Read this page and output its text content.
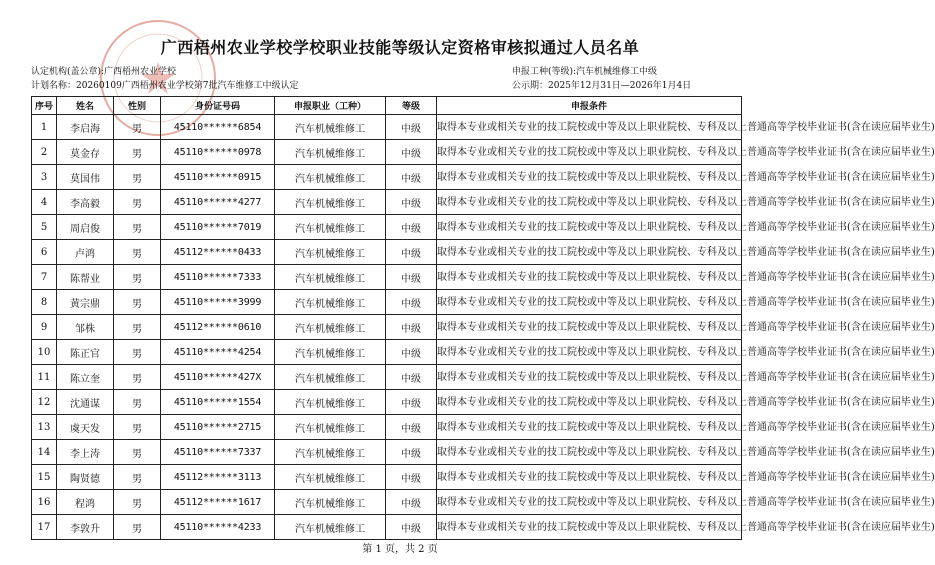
广西梧州农业学校学校职业技能等级认定资格审核拟通过人员名单
认定机构(盖公章):广西梧州农业学校	申报工种(等级):汽车机械维修工中级
计划名称：20260109广西梧州农业学校第7批汽车维修工中级认定	公示期：2025年12月31日—2026年1月4日
序号	姓名	性别	身份证号码	申报职业（工种）	等级	申报条件
1	李启海	男	45110******6854	汽车机械维修工	中级	取得本专业或相关专业的技工院校或中等及以上职业院校、专科及以上普通高等学校毕业证书(含在读应届毕业生)
2	莫金存	男	45110******0978	汽车机械维修工	中级	取得本专业或相关专业的技工院校或中等及以上职业院校、专科及以上普通高等学校毕业证书(含在读应届毕业生)
3	莫国伟	男	45110******0915	汽车机械维修工	中级	取得本专业或相关专业的技工院校或中等及以上职业院校、专科及以上普通高等学校毕业证书(含在读应届毕业生)
4	李高毅	男	45110******4277	汽车机械维修工	中级	取得本专业或相关专业的技工院校或中等及以上职业院校、专科及以上普通高等学校毕业证书(含在读应届毕业生)
5	周启俊	男	45110******7019	汽车机械维修工	中级	取得本专业或相关专业的技工院校或中等及以上职业院校、专科及以上普通高等学校毕业证书(含在读应届毕业生)
6	卢鸿	男	45112******0433	汽车机械维修工	中级	取得本专业或相关专业的技工院校或中等及以上职业院校、专科及以上普通高等学校毕业证书(含在读应届毕业生)
7	陈帮业	男	45110******7333	汽车机械维修工	中级	取得本专业或相关专业的技工院校或中等及以上职业院校、专科及以上普通高等学校毕业证书(含在读应届毕业生)
8	黄宗鼎	男	45110******3999	汽车机械维修工	中级	取得本专业或相关专业的技工院校或中等及以上职业院校、专科及以上普通高等学校毕业证书(含在读应届毕业生)
9	邹株	男	45112******0610	汽车机械维修工	中级	取得本专业或相关专业的技工院校或中等及以上职业院校、专科及以上普通高等学校毕业证书(含在读应届毕业生)
10	陈正官	男	45110******4254	汽车机械维修工	中级	取得本专业或相关专业的技工院校或中等及以上职业院校、专科及以上普通高等学校毕业证书(含在读应届毕业生)
11	陈立奎	男	45110******427X	汽车机械维修工	中级	取得本专业或相关专业的技工院校或中等及以上职业院校、专科及以上普通高等学校毕业证书(含在读应届毕业生)
12	沈通谋	男	45110******1554	汽车机械维修工	中级	取得本专业或相关专业的技工院校或中等及以上职业院校、专科及以上普通高等学校毕业证书(含在读应届毕业生)
13	虞天发	男	45110******2715	汽车机械维修工	中级	取得本专业或相关专业的技工院校或中等及以上职业院校、专科及以上普通高等学校毕业证书(含在读应届毕业生)
14	李上涛	男	45110******7337	汽车机械维修工	中级	取得本专业或相关专业的技工院校或中等及以上职业院校、专科及以上普通高等学校毕业证书(含在读应届毕业生)
15	陶贤德	男	45112******3113	汽车机械维修工	中级	取得本专业或相关专业的技工院校或中等及以上职业院校、专科及以上普通高等学校毕业证书(含在读应届毕业生)
16	程鸿	男	45112******1617	汽车机械维修工	中级	取得本专业或相关专业的技工院校或中等及以上职业院校、专科及以上普通高等学校毕业证书(含在读应届毕业生)
17	李敦升	男	45110******4233	汽车机械维修工	中级	取得本专业或相关专业的技工院校或中等及以上职业院校、专科及以上普通高等学校毕业证书(含在读应届毕业生)
第 1 页，共 2 页
